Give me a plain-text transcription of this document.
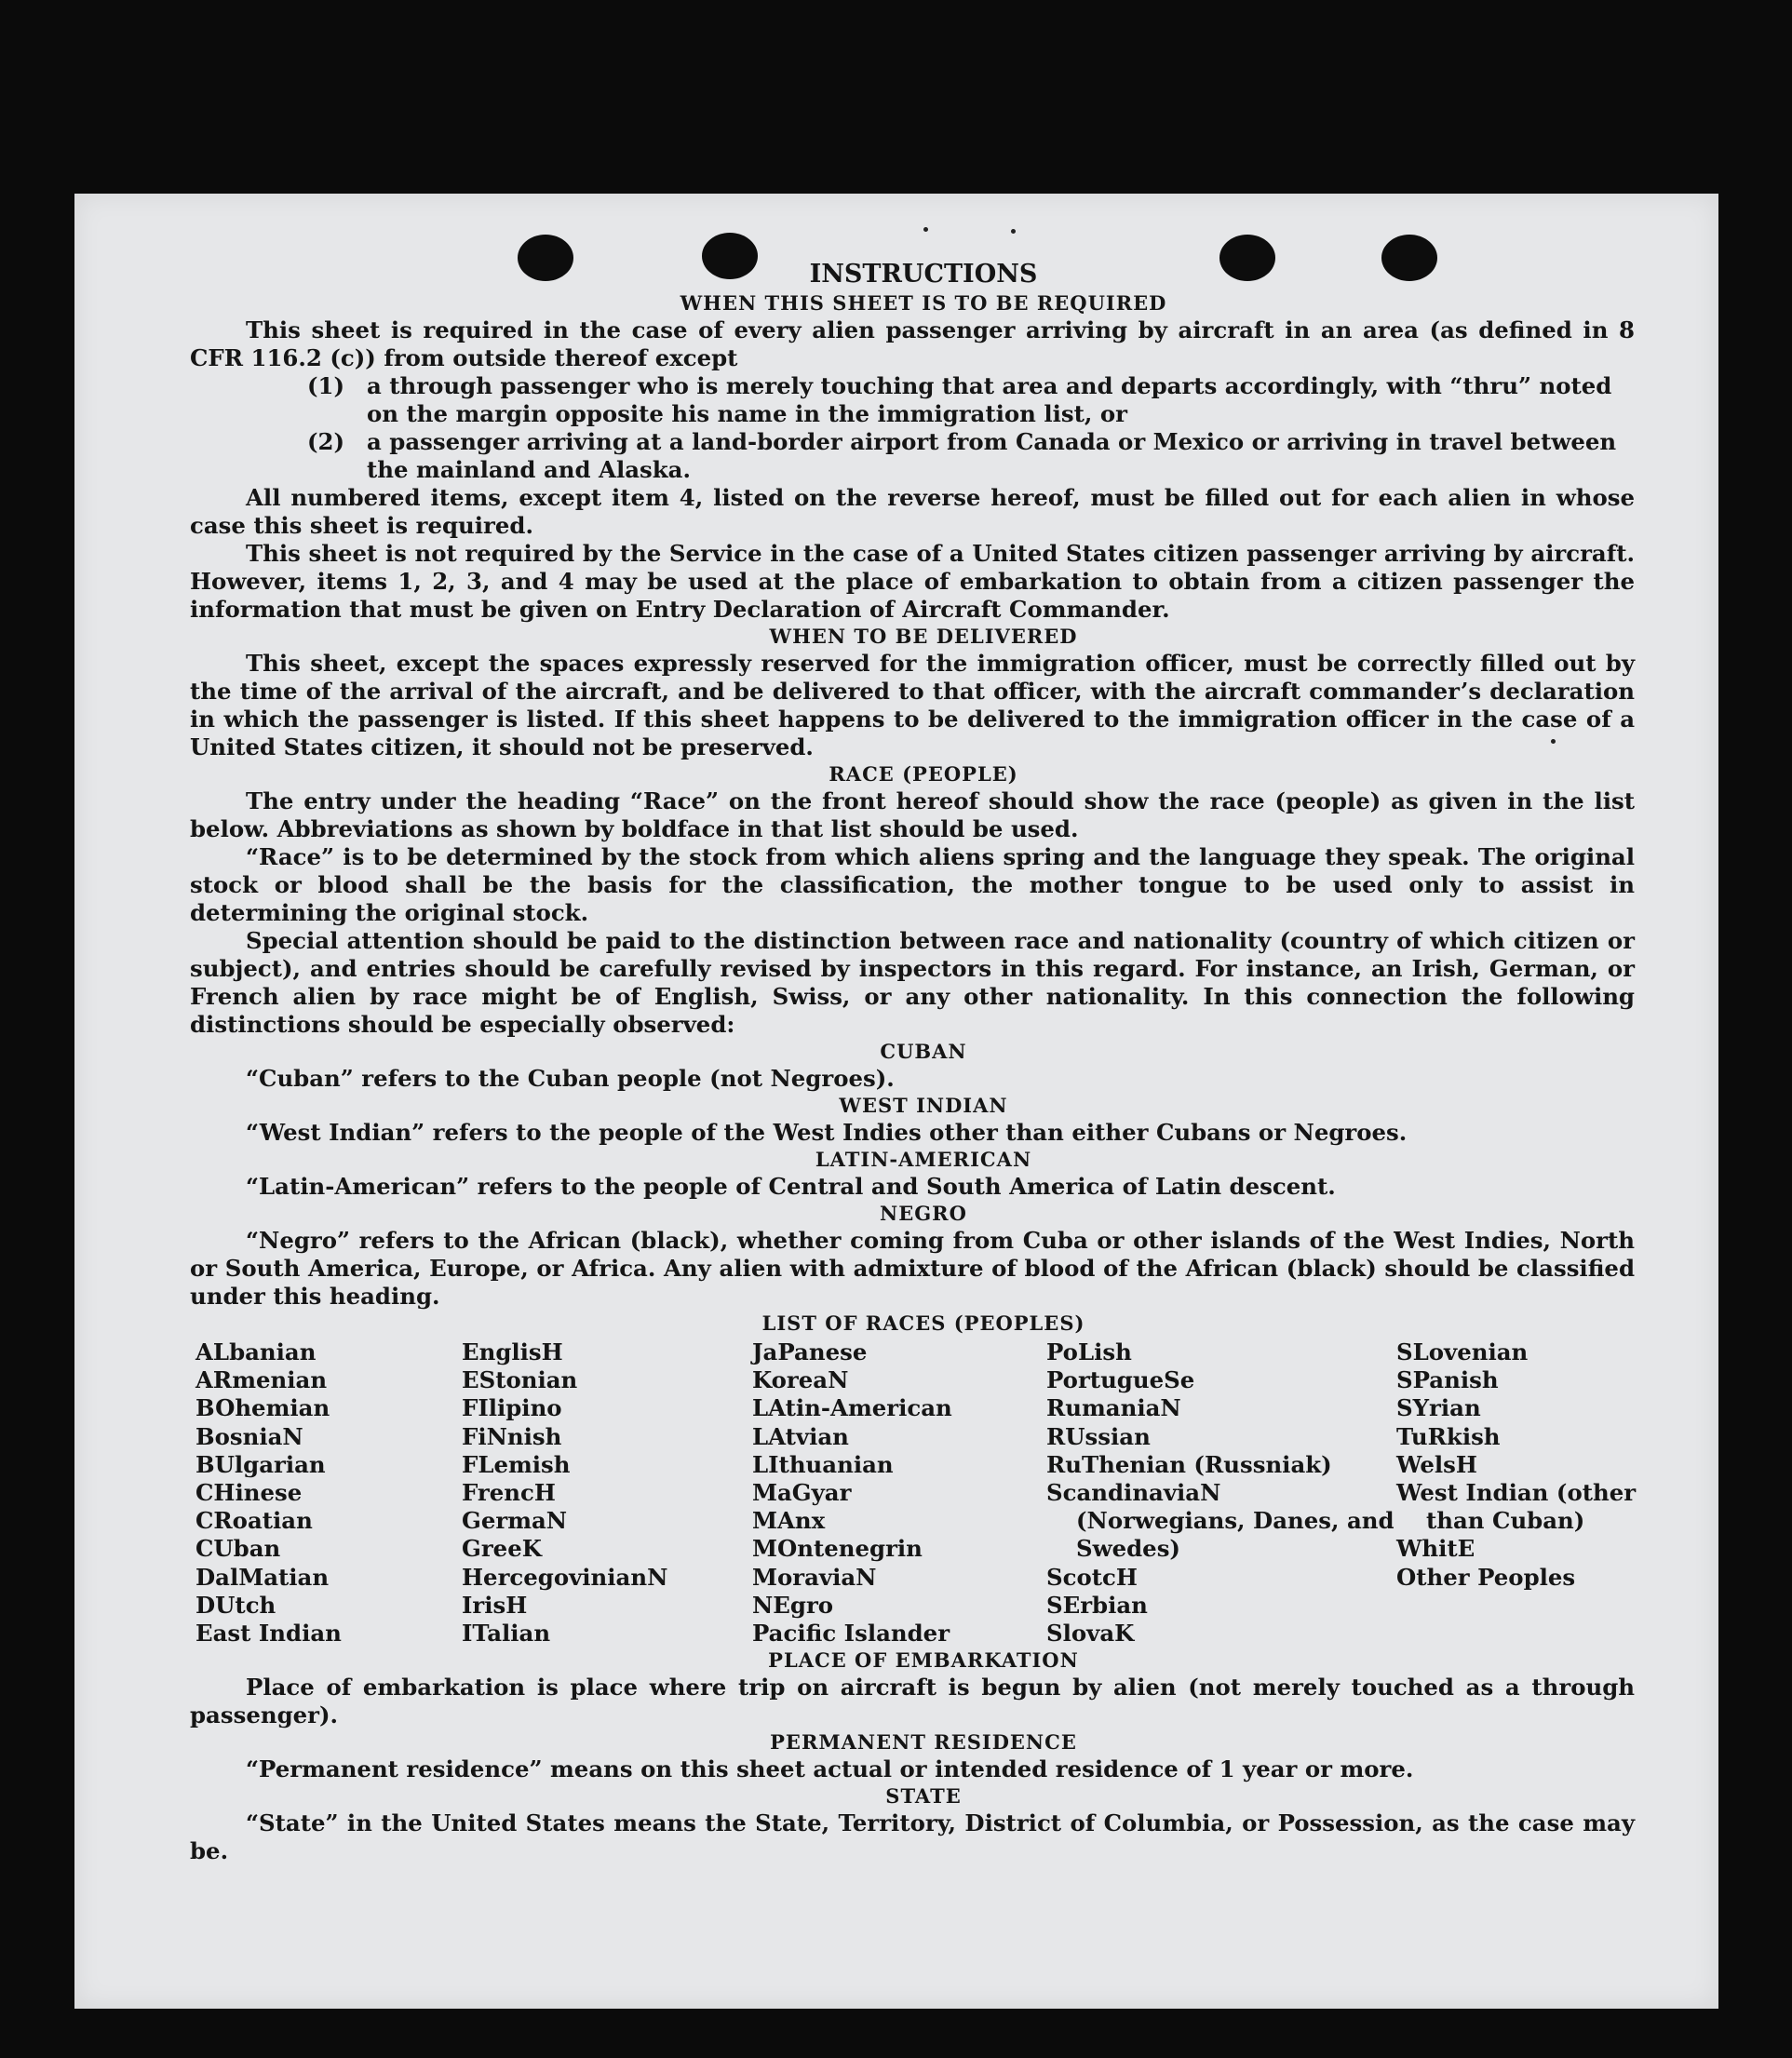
INSTRUCTIONS
WHEN THIS SHEET IS TO BE REQUIRED

This sheet is required in the case of every alien passenger arriving by aircraft in an area (as defined in 8 CFR 116.2 (c)) from outside thereof except

(1) a through passenger who is merely touching that area and departs accordingly, with “thru” noted on the margin opposite his name in the immigration list, or
(2) a passenger arriving at a land-border airport from Canada or Mexico or arriving in travel between the mainland and Alaska.

All numbered items, except item 4, listed on the reverse hereof, must be filled out for each alien in whose case this sheet is required.

This sheet is not required by the Service in the case of a United States citizen passenger arriving by aircraft. However, items 1, 2, 3, and 4 may be used at the place of embarkation to obtain from a citizen passenger the information that must be given on Entry Declaration of Aircraft Commander.

WHEN TO BE DELIVERED

This sheet, except the spaces expressly reserved for the immigration officer, must be correctly filled out by the time of the arrival of the aircraft, and be delivered to that officer, with the aircraft commander’s declaration in which the passenger is listed. If this sheet happens to be delivered to the immigration officer in the case of a United States citizen, it should not be preserved.

RACE (PEOPLE)

The entry under the heading “Race” on the front hereof should show the race (people) as given in the list below. Abbreviations as shown by boldface in that list should be used.

“Race” is to be determined by the stock from which aliens spring and the language they speak. The original stock or blood shall be the basis for the classification, the mother tongue to be used only to assist in determining the original stock.

Special attention should be paid to the distinction between race and nationality (country of which citizen or subject), and entries should be carefully revised by inspectors in this regard. For instance, an Irish, German, or French alien by race might be of English, Swiss, or any other nationality. In this connection the following distinctions should be especially observed:

CUBAN

“Cuban” refers to the Cuban people (not Negroes).

WEST INDIAN

“West Indian” refers to the people of the West Indies other than either Cubans or Negroes.

LATIN-AMERICAN

“Latin-American” refers to the people of Central and South America of Latin descent.

NEGRO

“Negro” refers to the African (black), whether coming from Cuba or other islands of the West Indies, North or South America, Europe, or Africa. Any alien with admixture of blood of the African (black) should be classified under this heading.

LIST OF RACES (PEOPLES)
ALbanian
ARmenian
BOhemian
BosniaN
BUlgarian
CHinese
CRoatian
CUban
DalMatian
DUtch
East Indian
EnglisH
EStonian
FIlipino
FiNnish
FLemish
FrencH
GermaN
GreeK
HercegovinianN
IrisH
ITalian
JaPanese
KoreaN
LAtin-American
LAtvian
LIthuanian
MaGyar
MAnx
MOntenegrin
MoraviaN
NEgro
Pacific Islander
PoLish
PortugueSe
RumaniaN
RUssian
RuThenian (Russniak)
ScandinaviaN (Norwegians, Danes, and Swedes)
ScotcH
SErbian
SlovaK
SLovenian
SPanish
SYrian
TuRkish
WelsH
West Indian (other than Cuban)
WhitE
Other Peoples
PLACE OF EMBARKATION

Place of embarkation is place where trip on aircraft is begun by alien (not merely touched as a through passenger).

PERMANENT RESIDENCE

“Permanent residence” means on this sheet actual or intended residence of 1 year or more.

STATE

“State” in the United States means the State, Territory, District of Columbia, or Possession, as the case may be.
